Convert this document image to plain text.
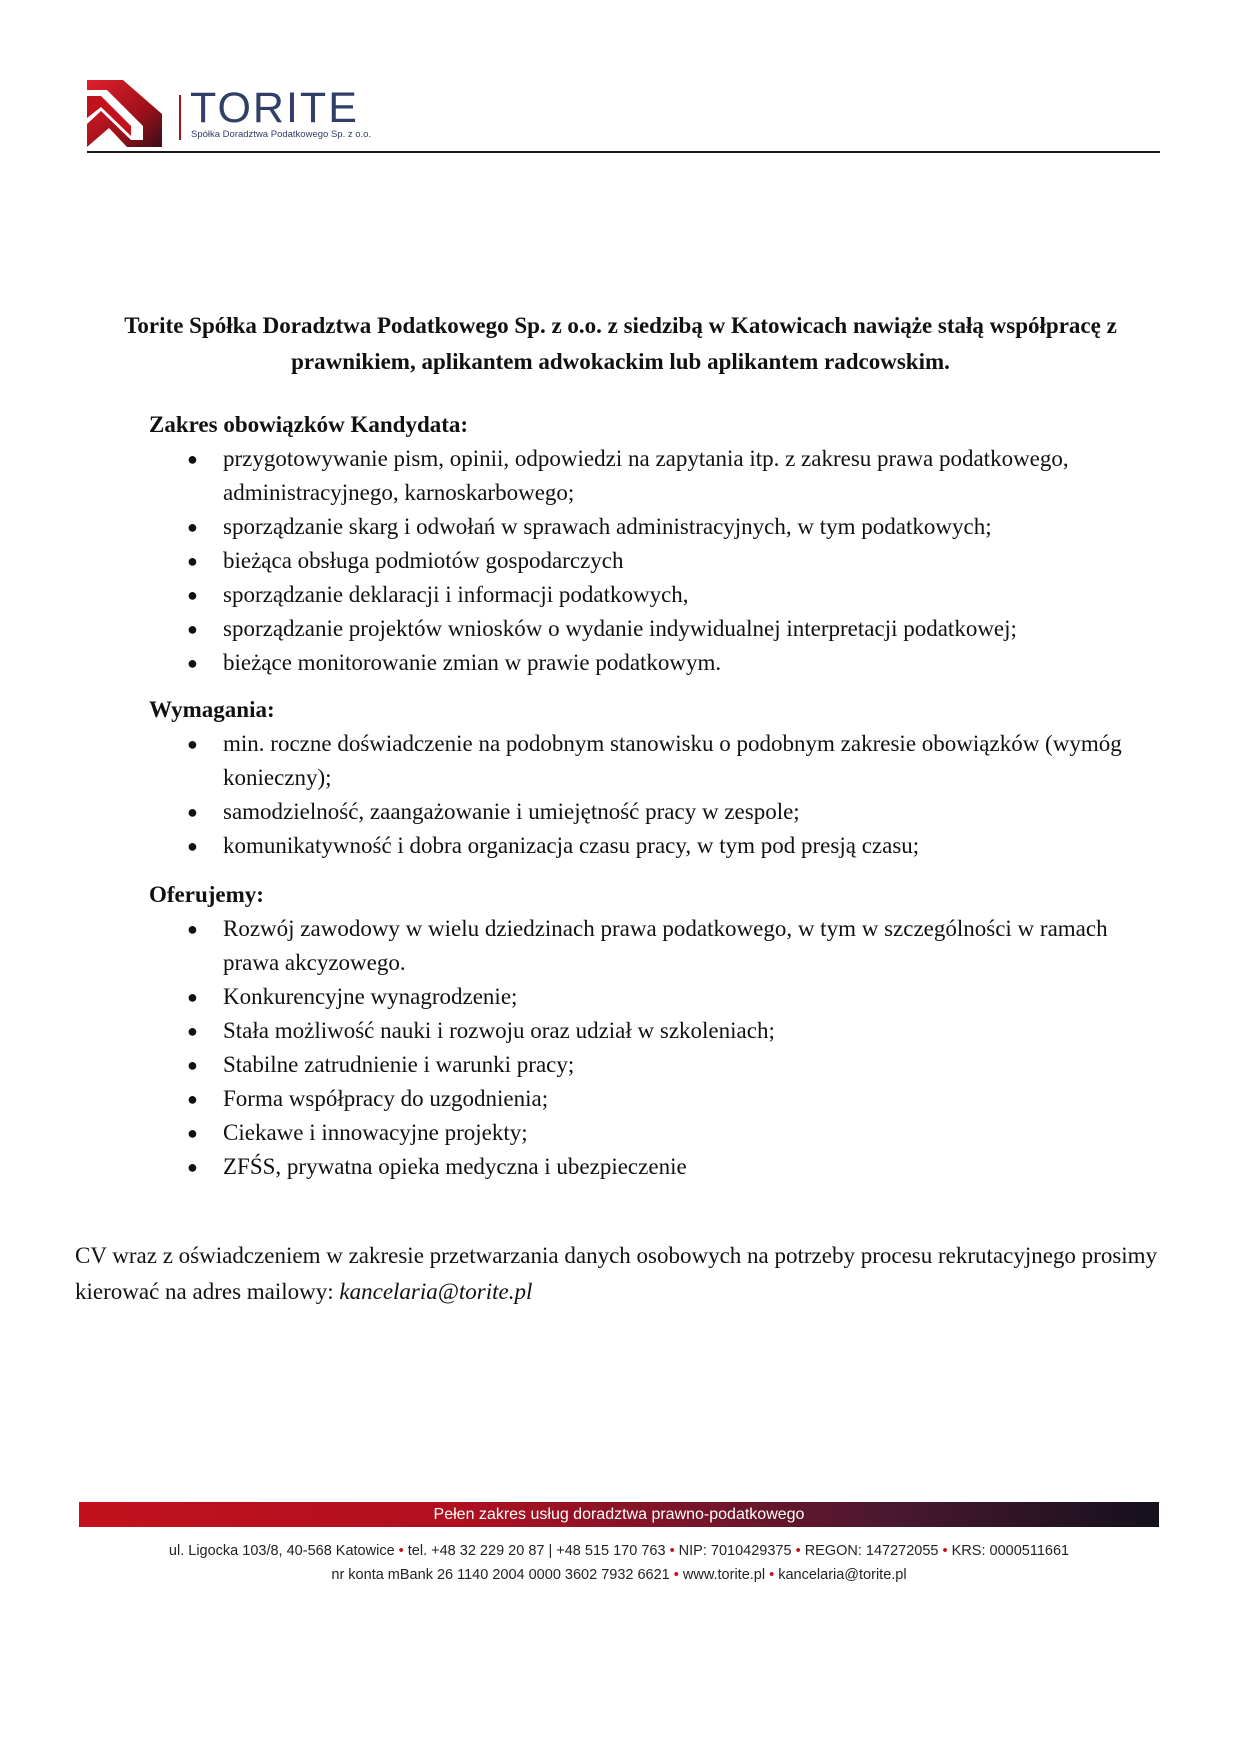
TORITE
Spółka Doradztwa Podatkowego Sp. z o.o.
Torite Spółka Doradztwa Podatkowego Sp. z o.o. z siedzibą w Katowicach nawiąże stałą współpracę z prawnikiem, aplikantem adwokackim lub aplikantem radcowskim.

Zakres obowiązków Kandydata:

● przygotowywanie pism, opinii, odpowiedzi na zapytania itp. z zakresu prawa podatkowego, administracyjnego, karnoskarbowego;
● sporządzanie skarg i odwołań w sprawach administracyjnych, w tym podatkowych;
● bieżąca obsługa podmiotów gospodarczych
● sporządzanie deklaracji i informacji podatkowych,
● sporządzanie projektów wniosków o wydanie indywidualnej interpretacji podatkowej;
● bieżące monitorowanie zmian w prawie podatkowym.

Wymagania:

● min. roczne doświadczenie na podobnym stanowisku o podobnym zakresie obowiązków (wymóg konieczny);
● samodzielność, zaangażowanie i umiejętność pracy w zespole;
● komunikatywność i dobra organizacja czasu pracy, w tym pod presją czasu;

Oferujemy:

● Rozwój zawodowy w wielu dziedzinach prawa podatkowego, w tym w szczególności w ramach prawa akcyzowego.
● Konkurencyjne wynagrodzenie;
● Stała możliwość nauki i rozwoju oraz udział w szkoleniach;
● Stabilne zatrudnienie i warunki pracy;
● Forma współpracy do uzgodnienia;
● Ciekawe i innowacyjne projekty;
● ZFŚS, prywatna opieka medyczna i ubezpieczenie
CV wraz z oświadczeniem w zakresie przetwarzania danych osobowych na potrzeby procesu rekrutacyjnego prosimy kierować na adres mailowy: kancelaria@torite.pl
Pełen zakres usług doradztwa prawno-podatkowego
ul. Ligocka 103/8, 40-568 Katowice • tel. +48 32 229 20 87 | +48 515 170 763 • NIP: 7010429375 • REGON: 147272055 • KRS: 0000511661
nr konta mBank 26 1140 2004 0000 3602 7932 6621 • www.torite.pl • kancelaria@torite.pl
